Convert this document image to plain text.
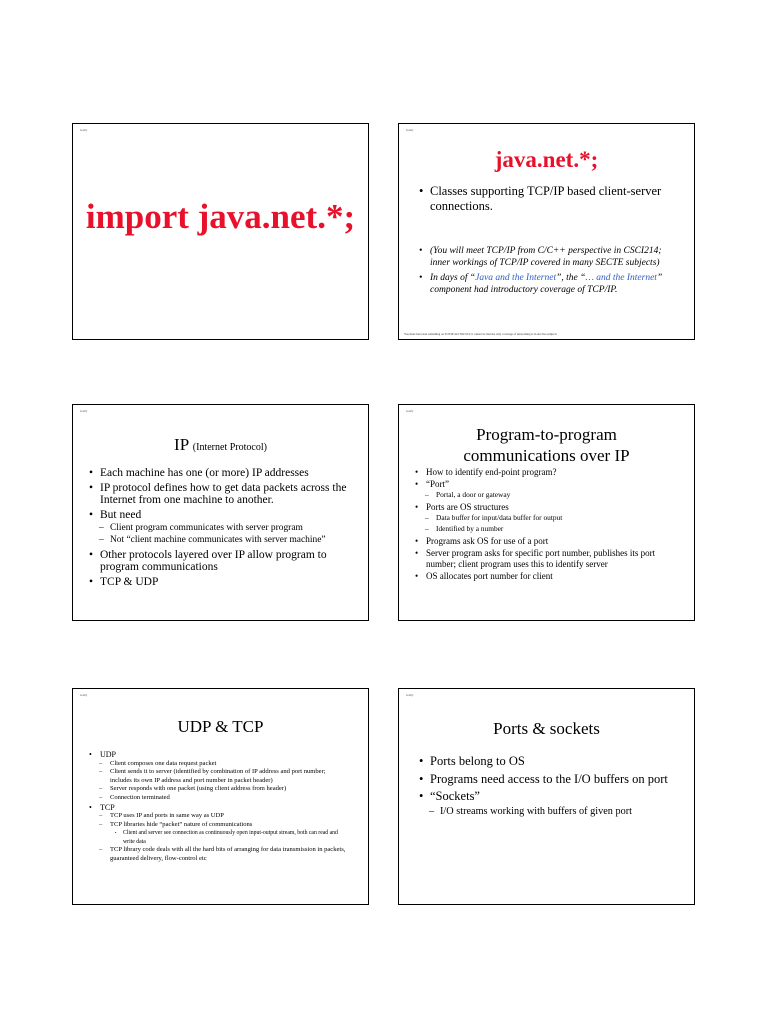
Gadly
import java.net.*;
Gadly
java.net.*;
• Classes supporting TCP/IP based client-server connections.
• (You will meet TCP/IP from C/C++ perspective in CSCI214; inner workings of TCP/IP covered in many SECTE subjects)
• In days of “Java and the Internet”, the “… and the Internet” component had introductory coverage of TCP/IP.
You must have had something on TCP/IP and TOCSCI; it cannot be that the only coverage of networking is in elective subjects
Gadly
IP (Internet Protocol)
• Each machine has one (or more) IP addresses
• IP protocol defines how to get data packets across the Internet from one machine to another.
• But need
– Client program communicates with server program
– Not “client machine communicates with server machine”
• Other protocols layered over IP allow program to program communications
• TCP & UDP
Gadly
Program-to-program communications over IP
• How to identify end-point program?
• “Port”
– Portal, a door or gateway
• Ports are OS structures
– Data buffer for input/data buffer for output
– Identified by a number
• Programs ask OS for use of a port
• Server program asks for specific port number, publishes its port number; client program uses this to identify server
• OS allocates port number for client
Gadly
UDP & TCP
• UDP
– Client composes one data request packet
– Client sends it to server (identified by combination of IP address and port number; includes its own IP address and port number in packet header)
– Server responds with one packet (using client address from header)
– Connection terminated
• TCP
– TCP uses IP and ports in same way as UDP
– TCP libraries hide “packet” nature of communications
• Client and server see connection as continuously open input-output stream, both can read and write data
– TCP library code deals with all the hard bits of arranging for data transmission in packets, guaranteed delivery, flow-control etc
Gadly
Ports & sockets
• Ports belong to OS
• Programs need access to the I/O buffers on port
• “Sockets”
– I/O streams working with buffers of given port
